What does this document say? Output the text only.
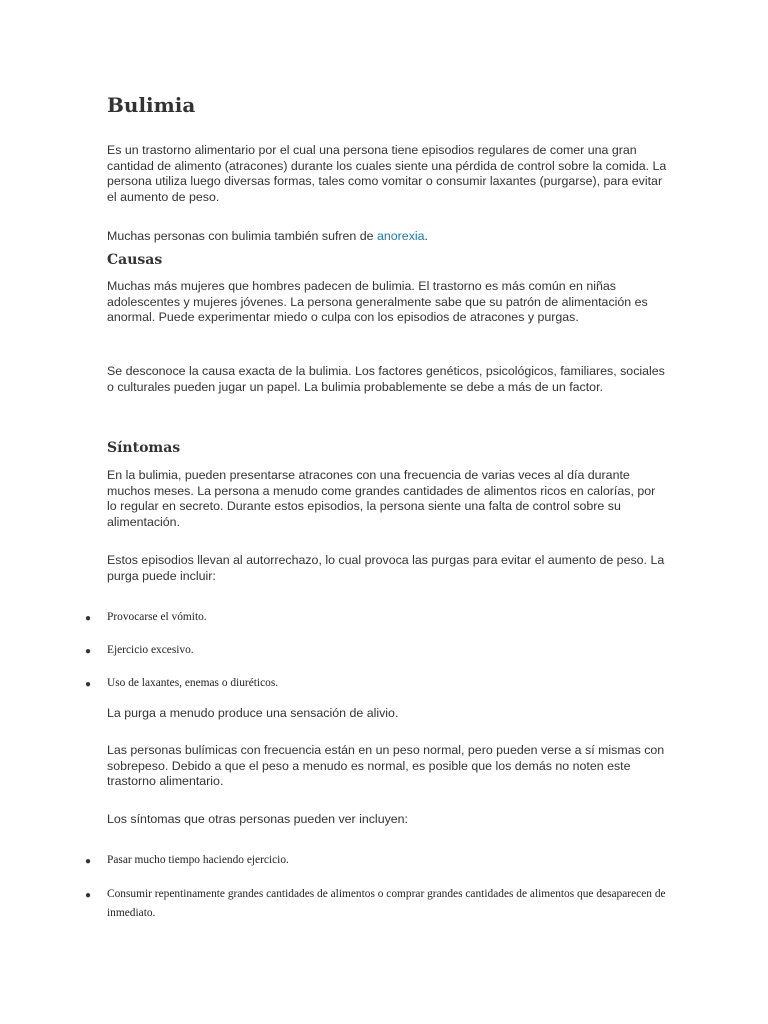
Bulimia

Es un trastorno alimentario por el cual una persona tiene episodios regulares de comer una gran cantidad de alimento (atracones) durante los cuales siente una pérdida de control sobre la comida. La persona utiliza luego diversas formas, tales como vomitar o consumir laxantes (purgarse), para evitar el aumento de peso.

Muchas personas con bulimia también sufren de anorexia.

Causas

Muchas más mujeres que hombres padecen de bulimia. El trastorno es más común en niñas adolescentes y mujeres jóvenes. La persona generalmente sabe que su patrón de alimentación es anormal. Puede experimentar miedo o culpa con los episodios de atracones y purgas.

Se desconoce la causa exacta de la bulimia. Los factores genéticos, psicológicos, familiares, sociales o culturales pueden jugar un papel. La bulimia probablemente se debe a más de un factor.

Síntomas

En la bulimia, pueden presentarse atracones con una frecuencia de varias veces al día durante muchos meses. La persona a menudo come grandes cantidades de alimentos ricos en calorías, por lo regular en secreto. Durante estos episodios, la persona siente una falta de control sobre su alimentación.

Estos episodios llevan al autorrechazo, lo cual provoca las purgas para evitar el aumento de peso. La purga puede incluir:

● Provocarse el vómito.

● Ejercicio excesivo.

● Uso de laxantes, enemas o diuréticos.

La purga a menudo produce una sensación de alivio.

Las personas bulímicas con frecuencia están en un peso normal, pero pueden verse a sí mismas con sobrepeso. Debido a que el peso a menudo es normal, es posible que los demás no noten este trastorno alimentario.

Los síntomas que otras personas pueden ver incluyen:

● Pasar mucho tiempo haciendo ejercicio.

● Consumir repentinamente grandes cantidades de alimentos o comprar grandes cantidades de alimentos que desaparecen de inmediato.
